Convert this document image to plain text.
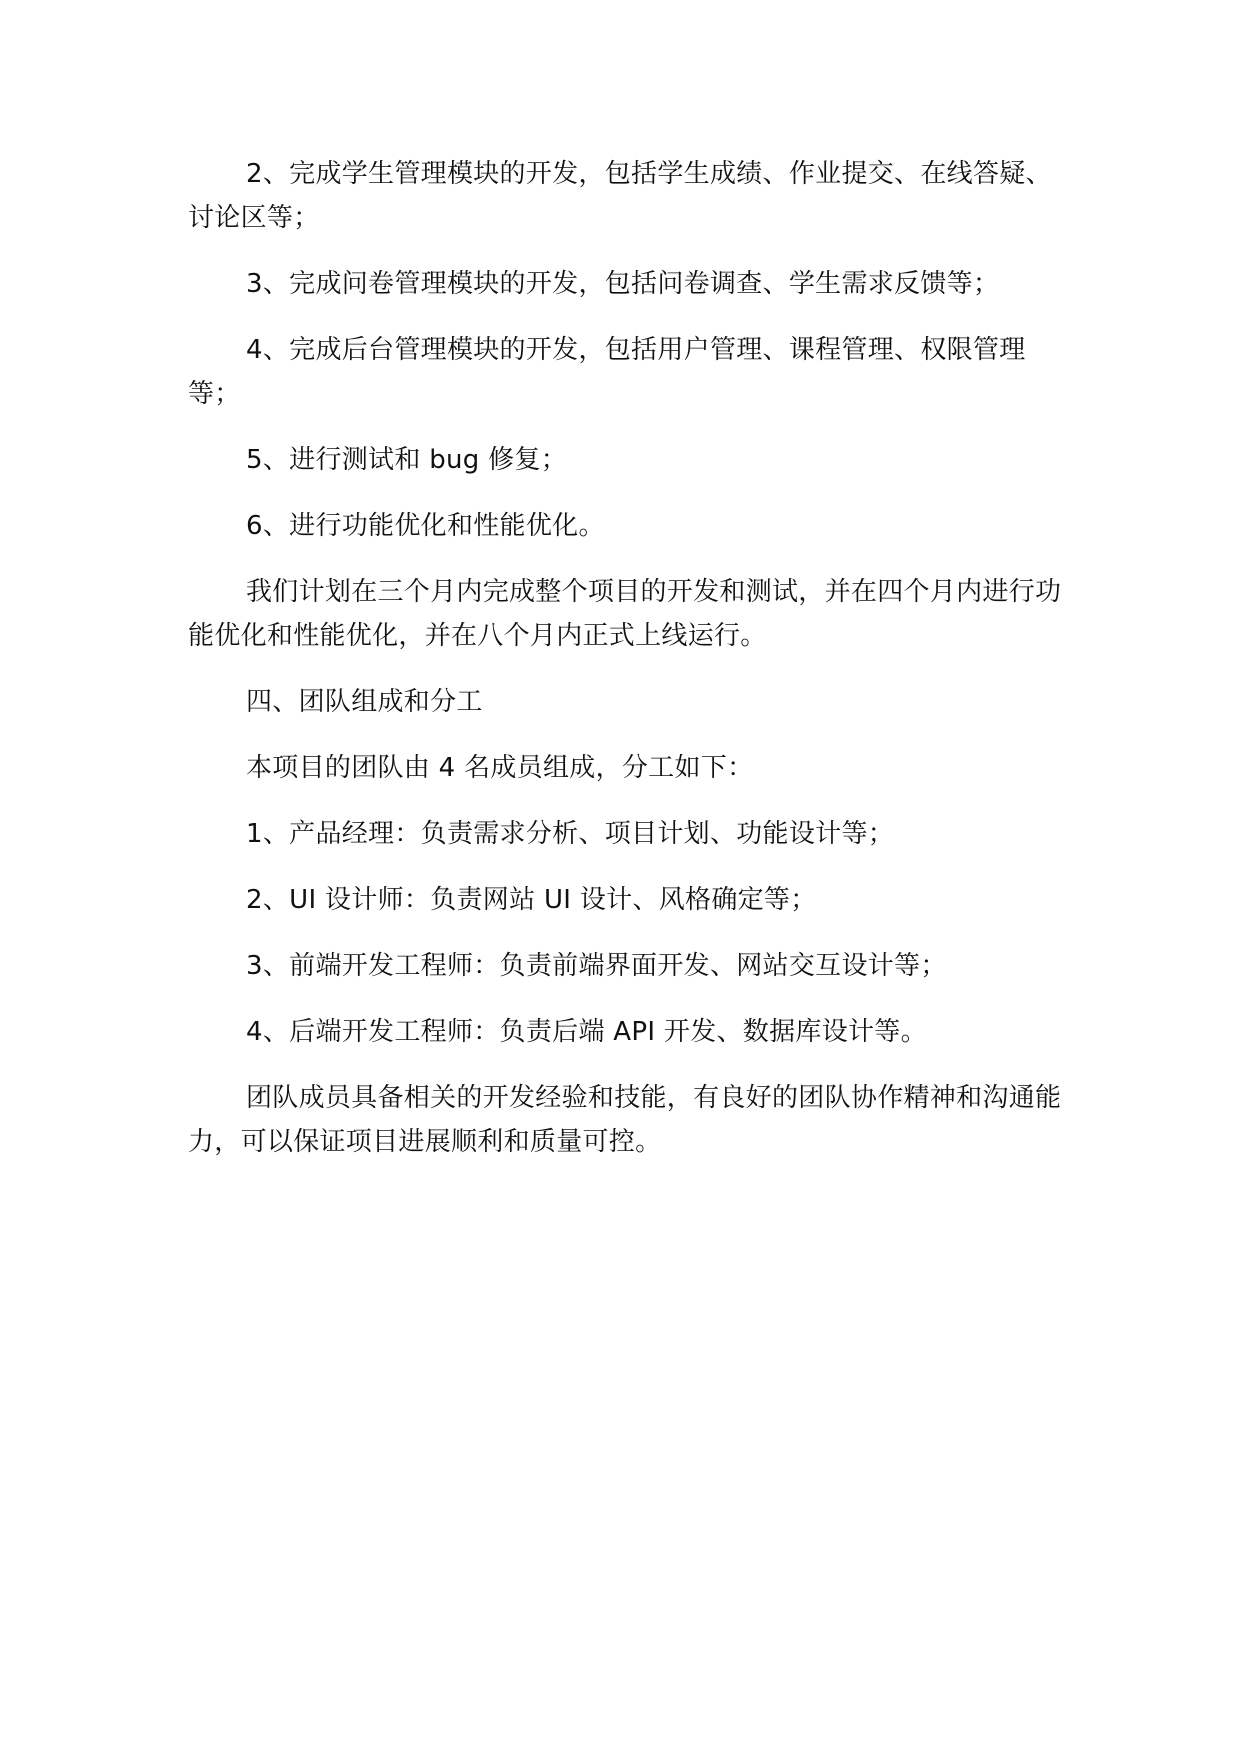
2、完成学生管理模块的开发，包括学生成绩、作业提交、在线答疑、讨论区等；

3、完成问卷管理模块的开发，包括问卷调查、学生需求反馈等；

4、完成后台管理模块的开发，包括用户管理、课程管理、权限管理等；

5、进行测试和 bug 修复；

6、进行功能优化和性能优化。

我们计划在三个月内完成整个项目的开发和测试，并在四个月内进行功能优化和性能优化，并在八个月内正式上线运行。

四、团队组成和分工

本项目的团队由 4 名成员组成，分工如下：

1、产品经理：负责需求分析、项目计划、功能设计等；

2、UI 设计师：负责网站 UI 设计、风格确定等；

3、前端开发工程师：负责前端界面开发、网站交互设计等；

4、后端开发工程师：负责后端 API 开发、数据库设计等。

团队成员具备相关的开发经验和技能，有良好的团队协作精神和沟通能力，可以保证项目进展顺利和质量可控。
